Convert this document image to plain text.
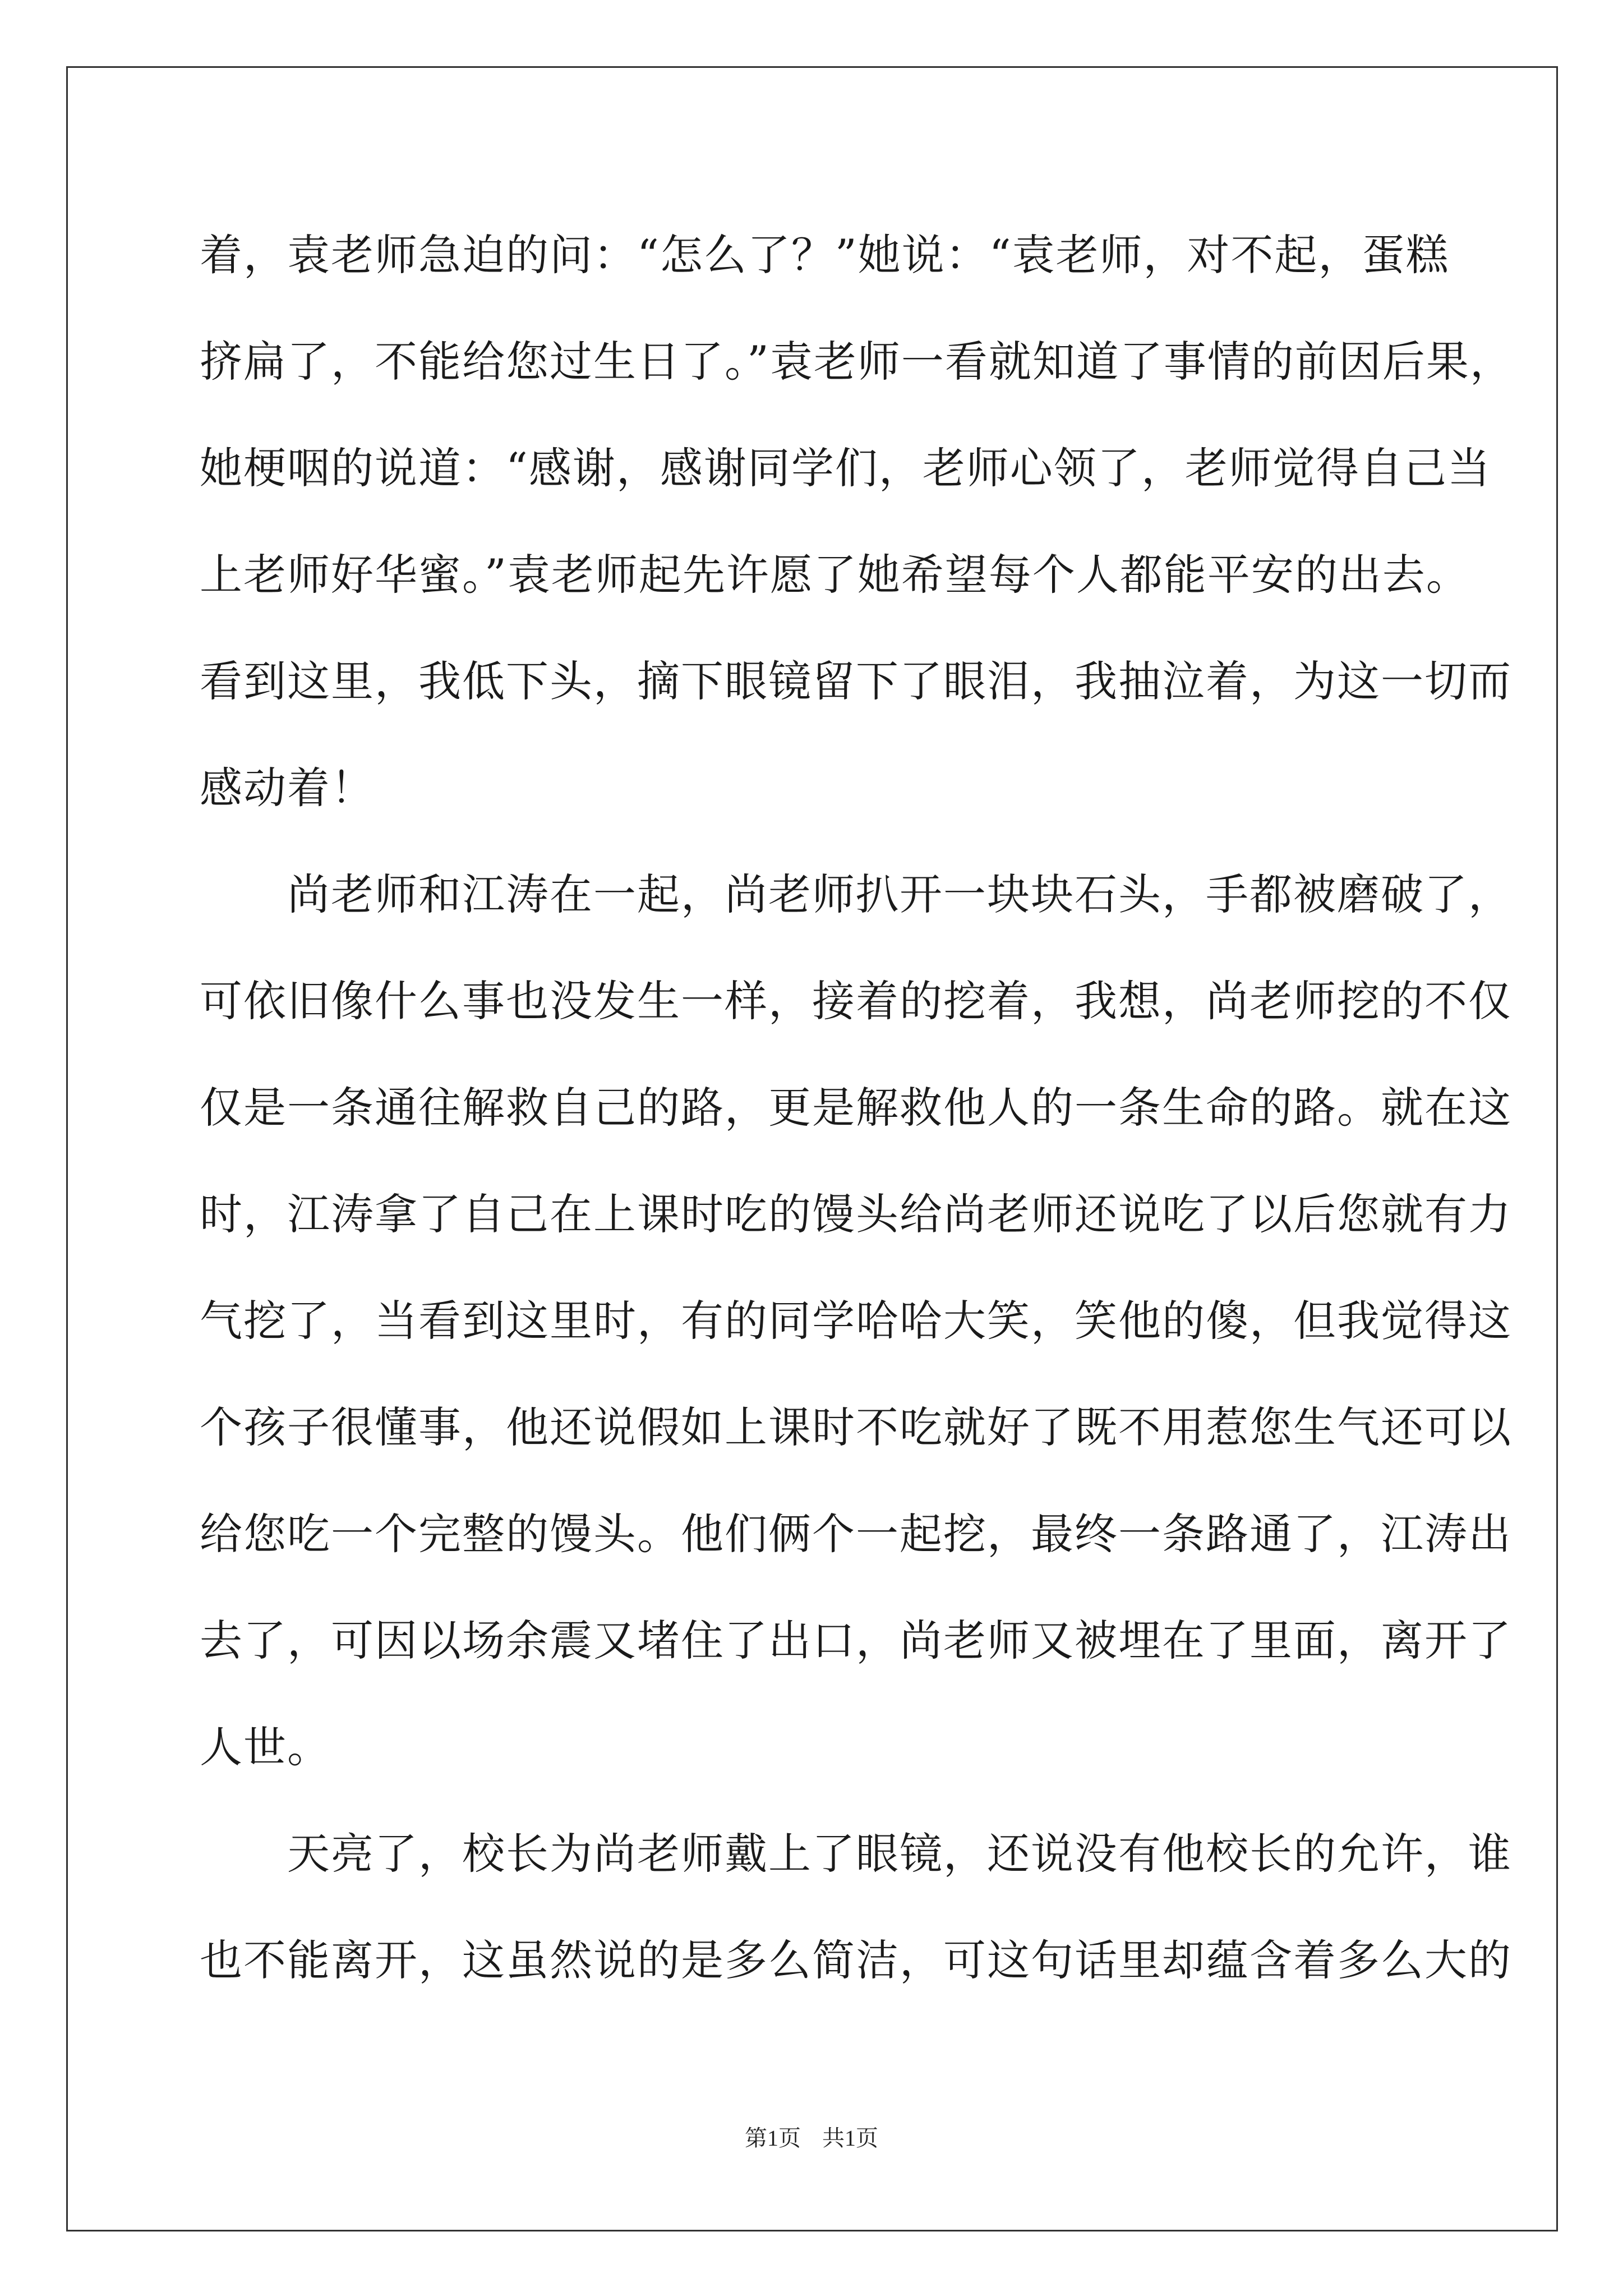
着，袁老师急迫的问：“怎么了？”她说：“袁老师，对不起，蛋糕
挤扁了，不能给您过生日了。”袁老师一看就知道了事情的前因后果，
她梗咽的说道：“感谢，感谢同学们，老师心领了，老师觉得自己当
上老师好华蜜。”袁老师起先许愿了她希望每个人都能平安的出去。
看到这里，我低下头，摘下眼镜留下了眼泪，我抽泣着，为这一切而
感动着！
　　尚老师和江涛在一起，尚老师扒开一块块石头，手都被磨破了，
可依旧像什么事也没发生一样，接着的挖着，我想，尚老师挖的不仅
仅是一条通往解救自己的路，更是解救他人的一条生命的路。就在这
时，江涛拿了自己在上课时吃的馒头给尚老师还说吃了以后您就有力
气挖了，当看到这里时，有的同学哈哈大笑，笑他的傻，但我觉得这
个孩子很懂事，他还说假如上课时不吃就好了既不用惹您生气还可以
给您吃一个完整的馒头。他们俩个一起挖，最终一条路通了，江涛出
去了，可因以场余震又堵住了出口，尚老师又被埋在了里面，离开了
人世。
　　天亮了，校长为尚老师戴上了眼镜，还说没有他校长的允许，谁
也不能离开，这虽然说的是多么简洁，可这句话里却蕴含着多么大的
第1页 共1页
